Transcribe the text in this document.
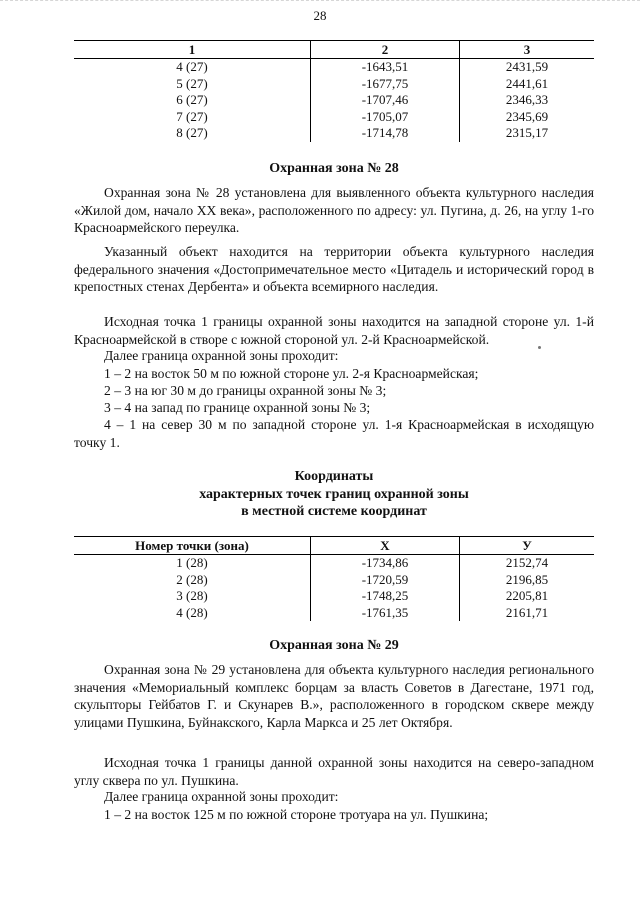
28
1	2	3
4 (27)	-1643,51	2431,59
5 (27)	-1677,75	2441,61
6 (27)	-1707,46	2346,33
7 (27)	-1705,07	2345,69
8 (27)	-1714,78	2315,17
Охранная зона № 28

Охранная зона № 28 установлена для выявленного объекта культурного наследия «Жилой дом, начало XX века», расположенного по адресу: ул. Пугина, д. 26, на углу 1-го Красноармейского переулка.

Указанный объект находится на территории объекта культурного наследия федерального значения «Достопримечательное место «Цитадель и исторический город в крепостных стенах Дербента» и объекта всемирного наследия.

Исходная точка 1 границы охранной зоны находится на западной стороне ул. 1-й Красноармейской в створе с южной стороной ул. 2-й Красноармейской.

Далее граница охранной зоны проходит:
1 – 2 на восток 50 м по южной стороне ул. 2-я Красноармейская;
2 – 3 на юг 30 м до границы охранной зоны № 3;
3 – 4 на запад по границе охранной зоны № 3;

4 – 1 на север 30 м по западной стороне ул. 1-я Красноармейская в исходящую точку 1.

Координаты
характерных точек границ охранной зоны
в местной системе координат
Номер точки (зона)	X	У
1 (28)	-1734,86	2152,74
2 (28)	-1720,59	2196,85
3 (28)	-1748,25	2205,81
4 (28)	-1761,35	2161,71
Охранная зона № 29

Охранная зона № 29 установлена для объекта культурного наследия регионального значения «Мемориальный комплекс борцам за власть Советов в Дагестане, 1971 год, скульпторы Гейбатов Г. и Скунарев В.», расположенного в городском сквере между улицами Пушкина, Буйнакского, Карла Маркса и 25 лет Октября.

Исходная точка 1 границы данной охранной зоны находится на северо-западном углу сквера по ул. Пушкина.

Далее граница охранной зоны проходит:
1 – 2 на восток 125 м по южной стороне тротуара на ул. Пушкина;
